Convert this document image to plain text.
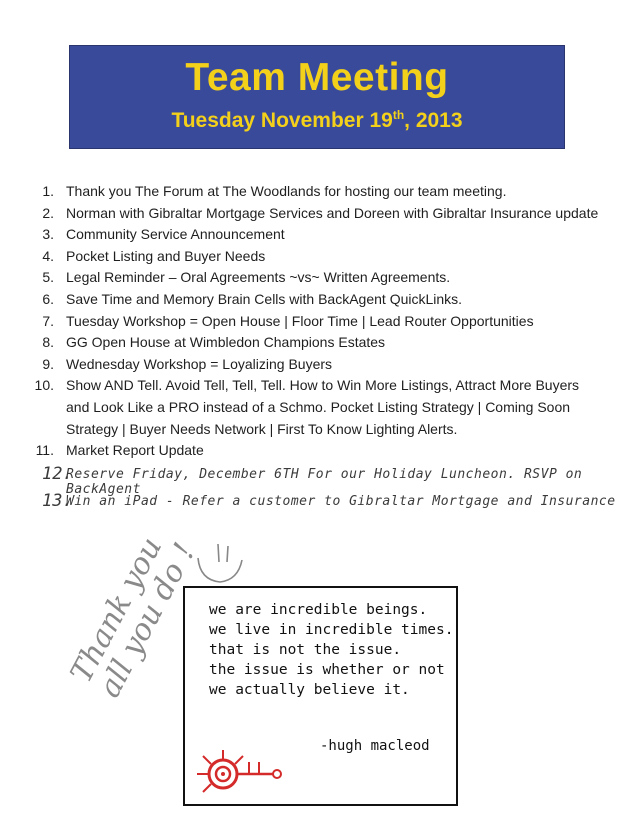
Team Meeting
Tuesday November 19th, 2013
1. Thank you The Forum at The Woodlands for hosting our team meeting.
2. Norman with Gibraltar Mortgage Services and Doreen with Gibraltar Insurance update
3. Community Service Announcement
4. Pocket Listing and Buyer Needs
5. Legal Reminder – Oral Agreements ~vs~ Written Agreements.
6. Save Time and Memory Brain Cells with BackAgent QuickLinks.
7. Tuesday Workshop = Open House | Floor Time | Lead Router Opportunities
8. GG Open House at Wimbledon Champions Estates
9. Wednesday Workshop = Loyalizing Buyers
10. Show AND Tell. Avoid Tell, Tell, Tell. How to Win More Listings, Attract More Buyers and Look Like a PRO instead of a Schmo. Pocket Listing Strategy | Coming Soon Strategy | Buyer Needs Network | First To Know Lighting Alerts.
11. Market Report Update
12.
Reserve Friday, December 6TH For our Holiday Luncheon. RSVP on BackAgent
13.
Win an iPad - Refer a customer to Gibraltar Mortgage and Insurance
Thank you all you do ! we are incredible beings.
we live in incredible times.
that is not the issue.
the issue is whether or not
we actually believe it.
-hugh macleod
